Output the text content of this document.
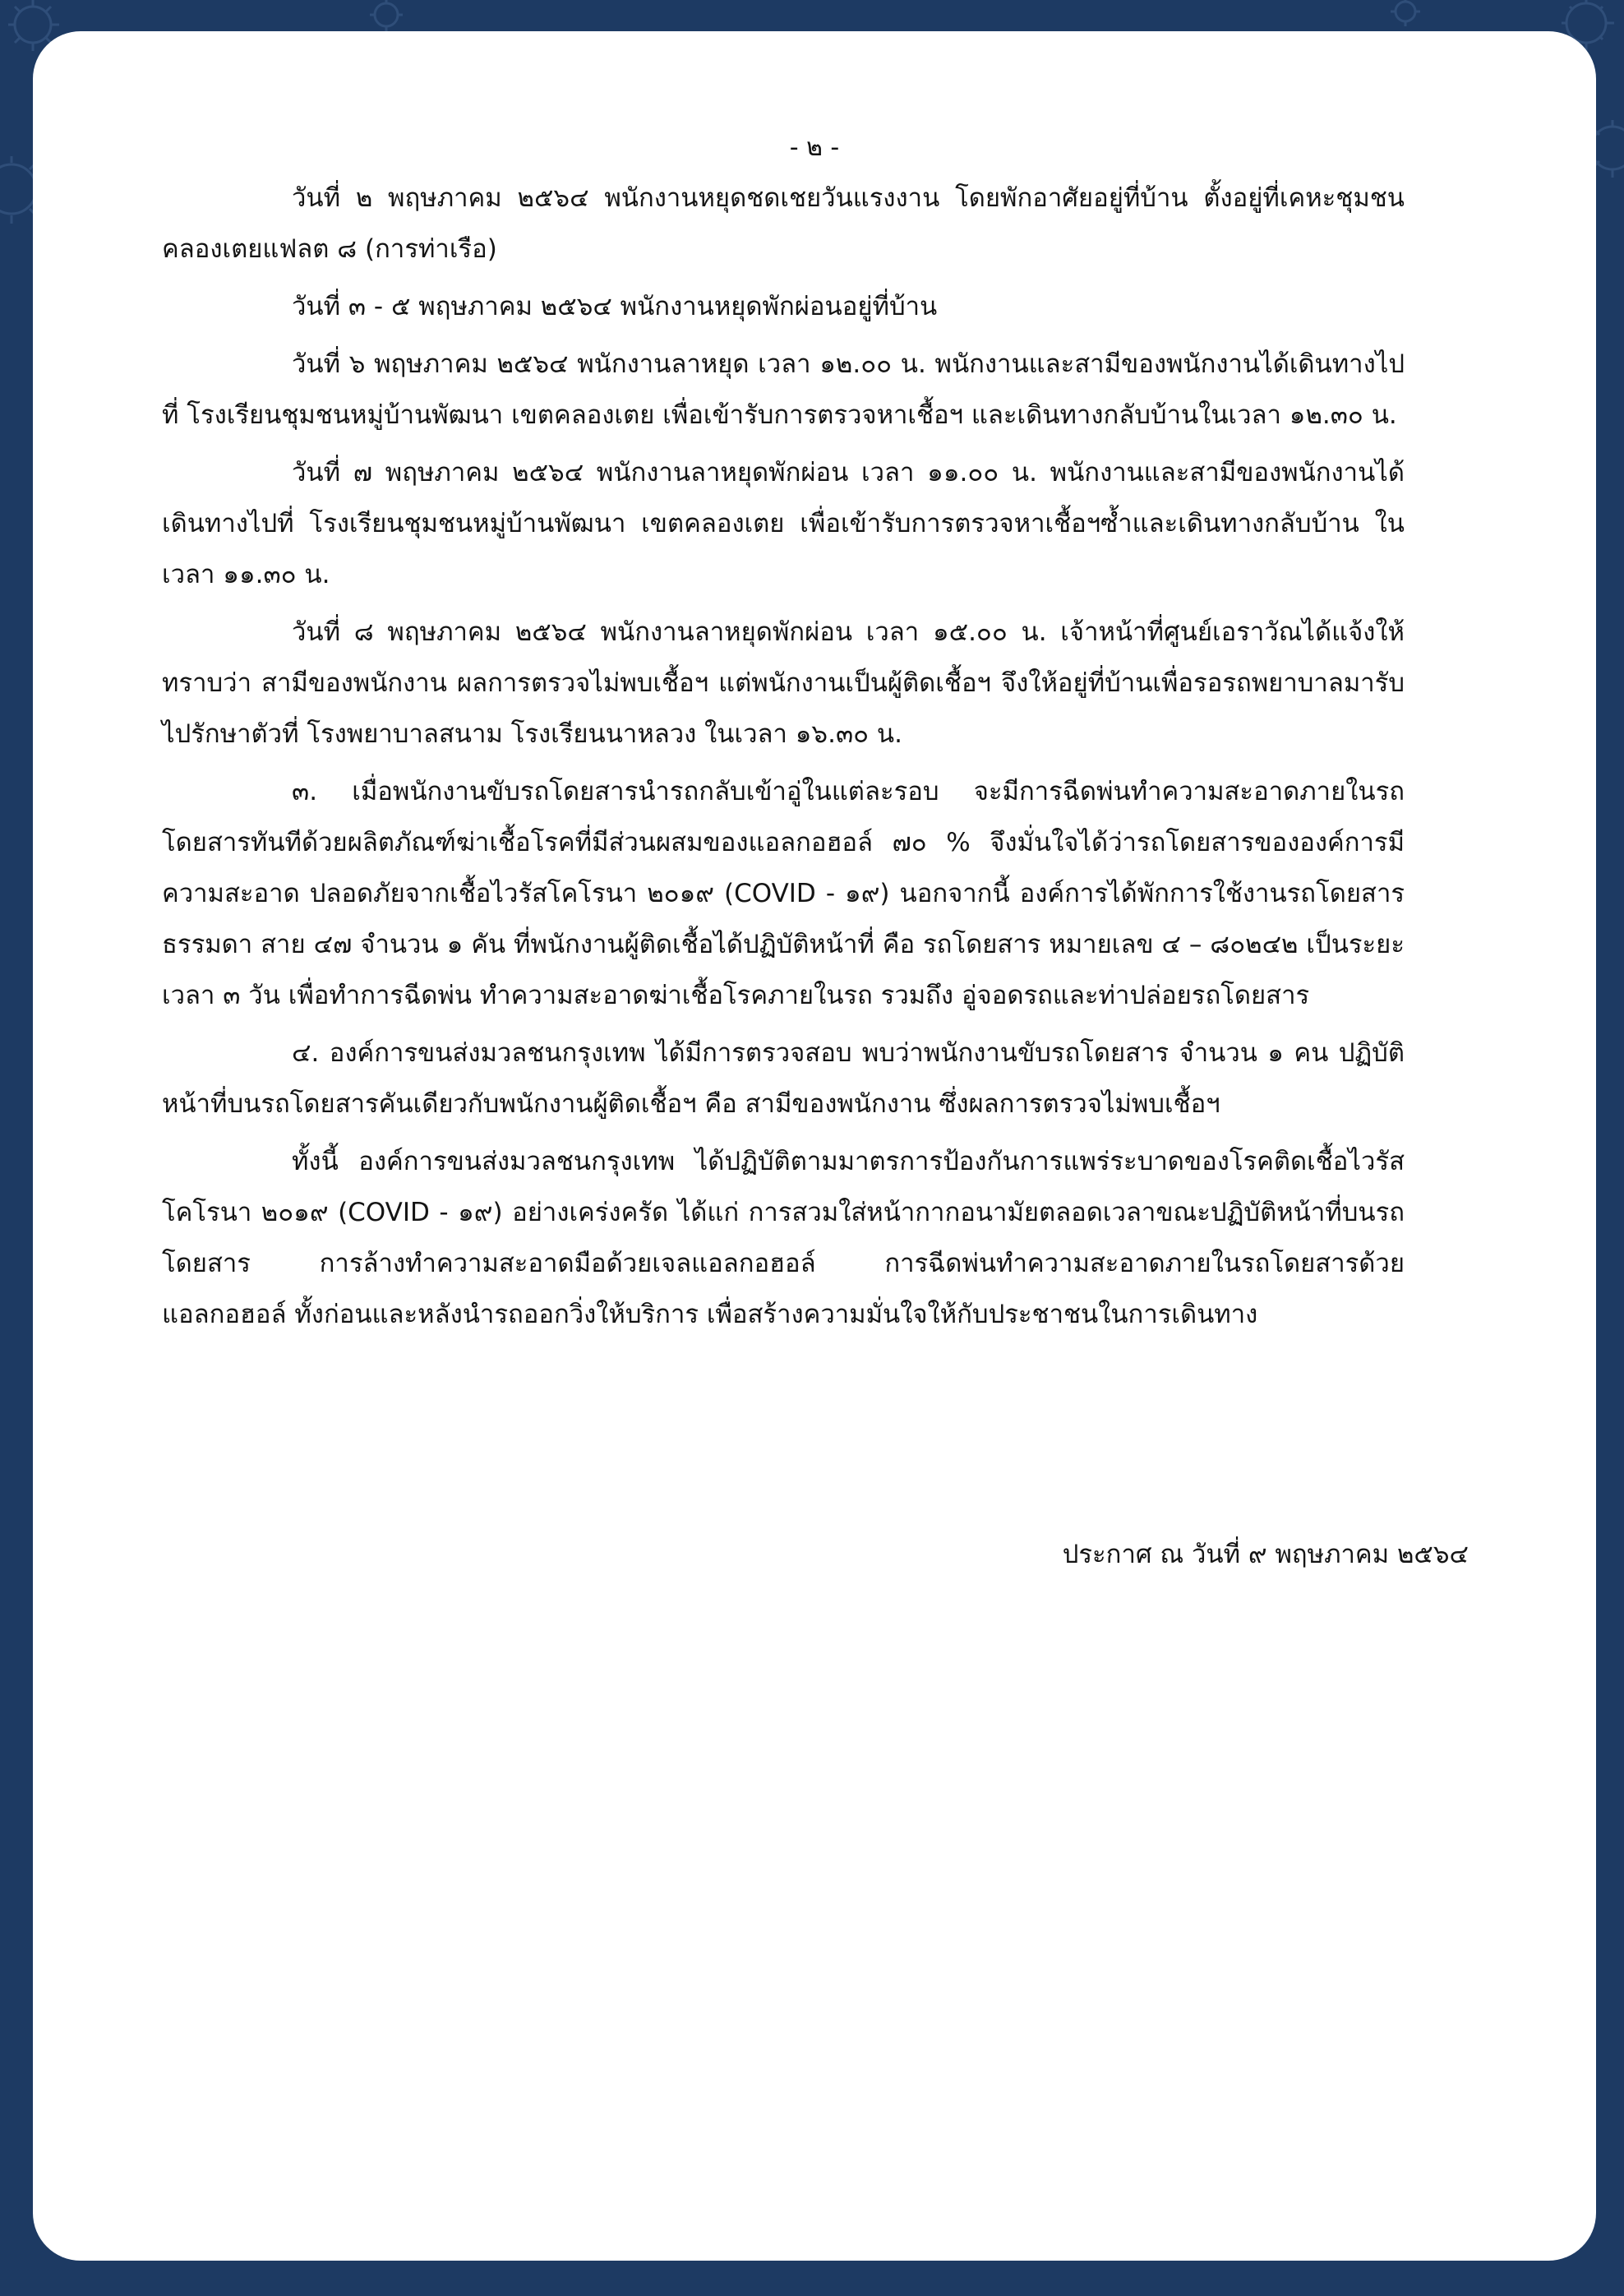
- ๒ -

วันที่ ๒ พฤษภาคม ๒๕๖๔ พนักงานหยุดชดเชยวันแรงงาน โดยพักอาศัยอยู่ที่บ้าน ตั้งอยู่ที่เคหะชุมชนคลองเตยแฟลต ๘ (การท่าเรือ)

วันที่ ๓ - ๕ พฤษภาคม ๒๕๖๔ พนักงานหยุดพักผ่อนอยู่ที่บ้าน

วันที่ ๖ พฤษภาคม ๒๕๖๔ พนักงานลาหยุด เวลา ๑๒.๐๐ น. พนักงานและสามีของพนักงานได้เดินทางไปที่ โรงเรียนชุมชนหมู่บ้านพัฒนา เขตคลองเตย เพื่อเข้ารับการตรวจหาเชื้อฯ และเดินทางกลับบ้านในเวลา ๑๒.๓๐ น.

วันที่ ๗ พฤษภาคม ๒๕๖๔ พนักงานลาหยุดพักผ่อน เวลา ๑๑.๐๐ น. พนักงานและสามีของพนักงานได้เดินทางไปที่ โรงเรียนชุมชนหมู่บ้านพัฒนา เขตคลองเตย เพื่อเข้ารับการตรวจหาเชื้อฯซ้ำและเดินทางกลับบ้าน ในเวลา ๑๑.๓๐ น.

วันที่ ๘ พฤษภาคม ๒๕๖๔ พนักงานลาหยุดพักผ่อน เวลา ๑๕.๐๐ น. เจ้าหน้าที่ศูนย์เอราวัณได้แจ้งให้ทราบว่า สามีของพนักงาน ผลการตรวจไม่พบเชื้อฯ แต่พนักงานเป็นผู้ติดเชื้อฯ จึงให้อยู่ที่บ้านเพื่อรอรถพยาบาลมารับไปรักษาตัวที่ โรงพยาบาลสนาม โรงเรียนนาหลวง ในเวลา ๑๖.๓๐ น.

๓. เมื่อพนักงานขับรถโดยสารนำรถกลับเข้าอู่ในแต่ละรอบ จะมีการฉีดพ่นทำความสะอาดภายในรถโดยสารทันทีด้วยผลิตภัณฑ์ฆ่าเชื้อโรคที่มีส่วนผสมของแอลกอฮอล์ ๗๐ % จึงมั่นใจได้ว่ารถโดยสารขององค์การมีความสะอาด ปลอดภัยจากเชื้อไวรัสโคโรนา ๒๐๑๙ (COVID - ๑๙) นอกจากนี้ องค์การได้พักการใช้งานรถโดยสารธรรมดา สาย ๔๗ จำนวน ๑ คัน ที่พนักงานผู้ติดเชื้อได้ปฏิบัติหน้าที่ คือ รถโดยสาร หมายเลข ๔ – ๘๐๒๔๒ เป็นระยะเวลา ๓ วัน เพื่อทำการฉีดพ่น ทำความสะอาดฆ่าเชื้อโรคภายในรถ รวมถึง อู่จอดรถและท่าปล่อยรถโดยสาร

๔. องค์การขนส่งมวลชนกรุงเทพ ได้มีการตรวจสอบ พบว่าพนักงานขับรถโดยสาร จำนวน ๑ คน ปฏิบัติหน้าที่บนรถโดยสารคันเดียวกับพนักงานผู้ติดเชื้อฯ คือ สามีของพนักงาน ซึ่งผลการตรวจไม่พบเชื้อฯ

ทั้งนี้ องค์การขนส่งมวลชนกรุงเทพ ได้ปฏิบัติตามมาตรการป้องกันการแพร่ระบาดของโรคติดเชื้อไวรัสโคโรนา ๒๐๑๙ (COVID - ๑๙) อย่างเคร่งครัด ได้แก่ การสวมใส่หน้ากากอนามัยตลอดเวลาขณะปฏิบัติหน้าที่บนรถโดยสาร การล้างทำความสะอาดมือด้วยเจลแอลกอฮอล์ การฉีดพ่นทำความสะอาดภายในรถโดยสารด้วยแอลกอฮอล์ ทั้งก่อนและหลังนำรถออกวิ่งให้บริการ เพื่อสร้างความมั่นใจให้กับประชาชนในการเดินทาง

ประกาศ ณ วันที่ ๙ พฤษภาคม ๒๕๖๔
